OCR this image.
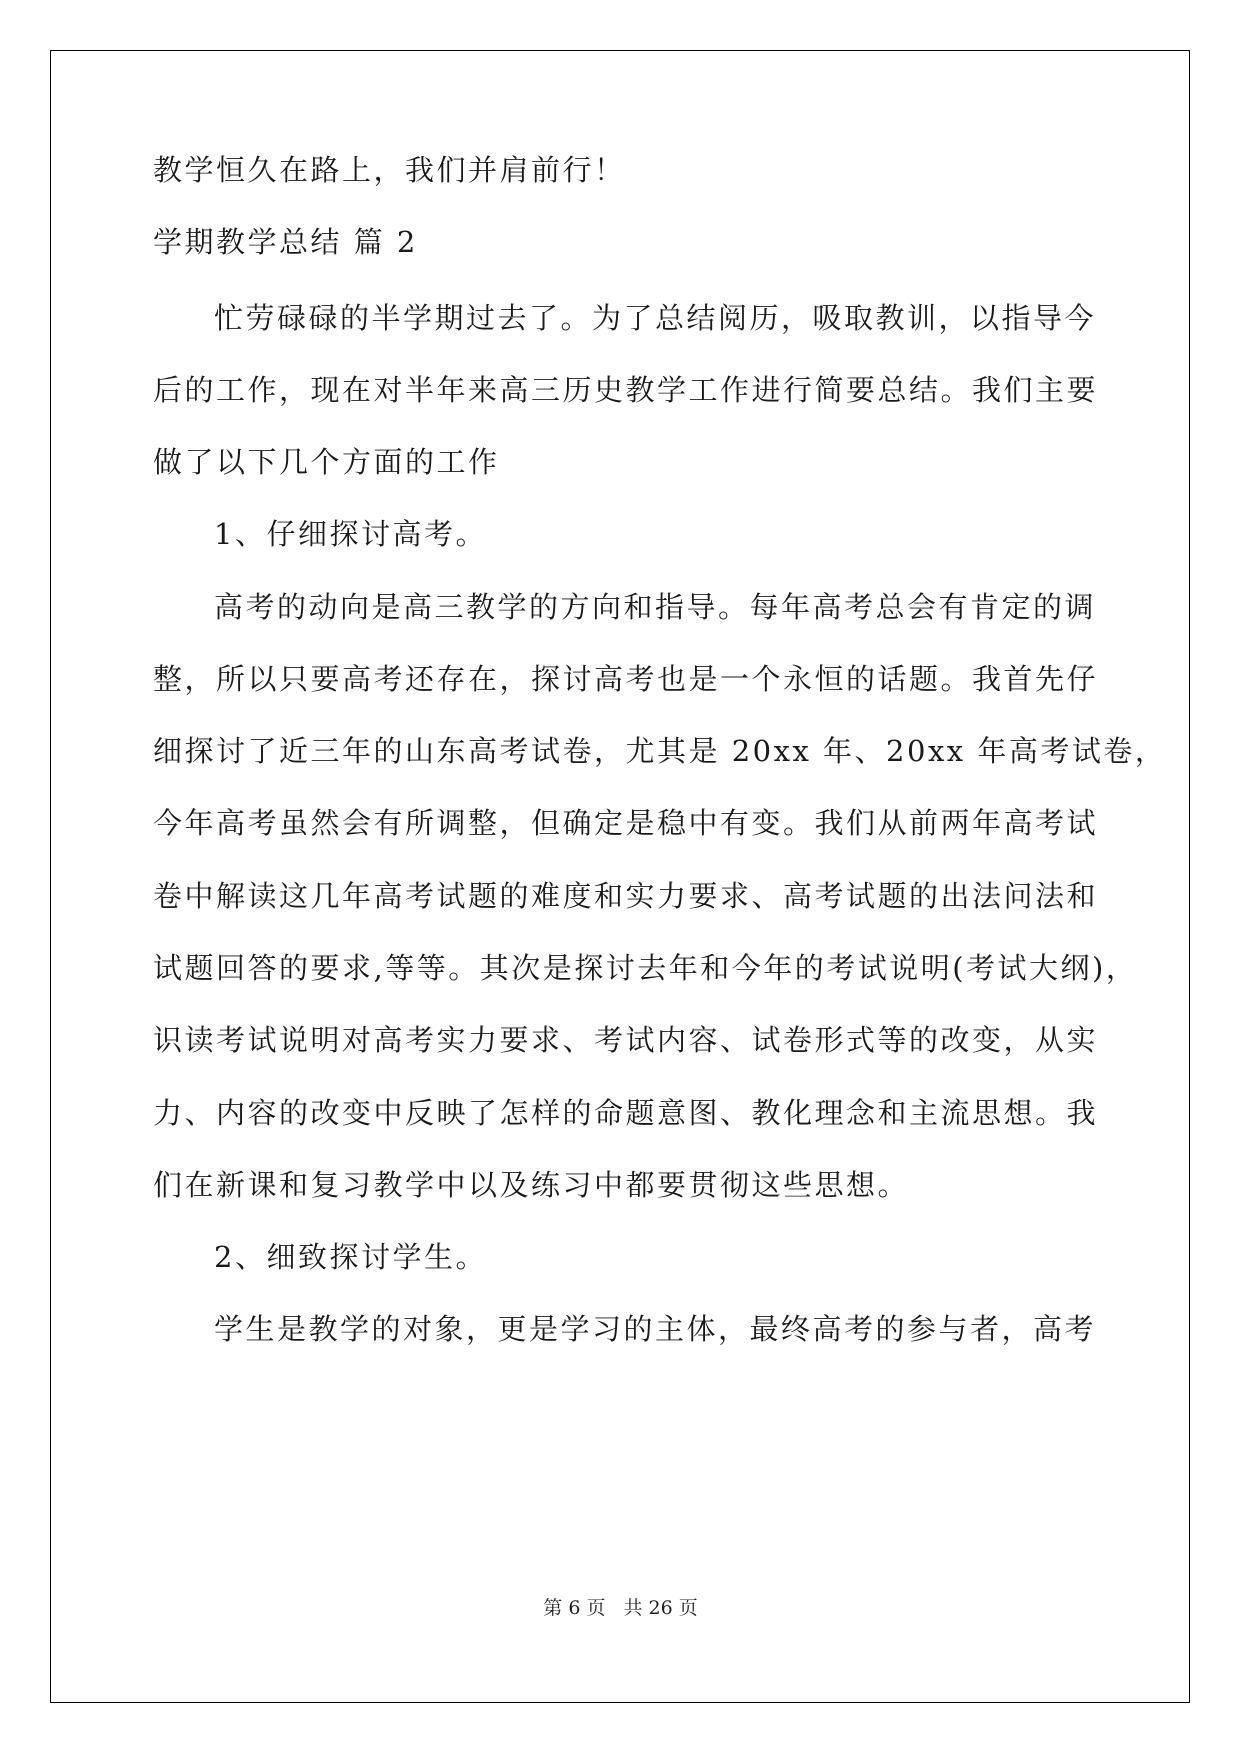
教学恒久在路上，我们并肩前行！
学期教学总结 篇 2
忙劳碌碌的半学期过去了。为了总结阅历，吸取教训，以指导今
后的工作，现在对半年来高三历史教学工作进行简要总结。我们主要
做了以下几个方面的工作
1、仔细探讨高考。
高考的动向是高三教学的方向和指导。每年高考总会有肯定的调
整，所以只要高考还存在，探讨高考也是一个永恒的话题。我首先仔
细探讨了近三年的山东高考试卷，尤其是 20xx 年、20xx 年高考试卷，
今年高考虽然会有所调整，但确定是稳中有变。我们从前两年高考试
卷中解读这几年高考试题的难度和实力要求、高考试题的出法问法和
试题回答的要求,等等。其次是探讨去年和今年的考试说明(考试大纲)，
识读考试说明对高考实力要求、考试内容、试卷形式等的改变，从实
力、内容的改变中反映了怎样的命题意图、教化理念和主流思想。我
们在新课和复习教学中以及练习中都要贯彻这些思想。
2、细致探讨学生。
学生是教学的对象，更是学习的主体，最终高考的参与者，高考
第 6 页 共 26 页
